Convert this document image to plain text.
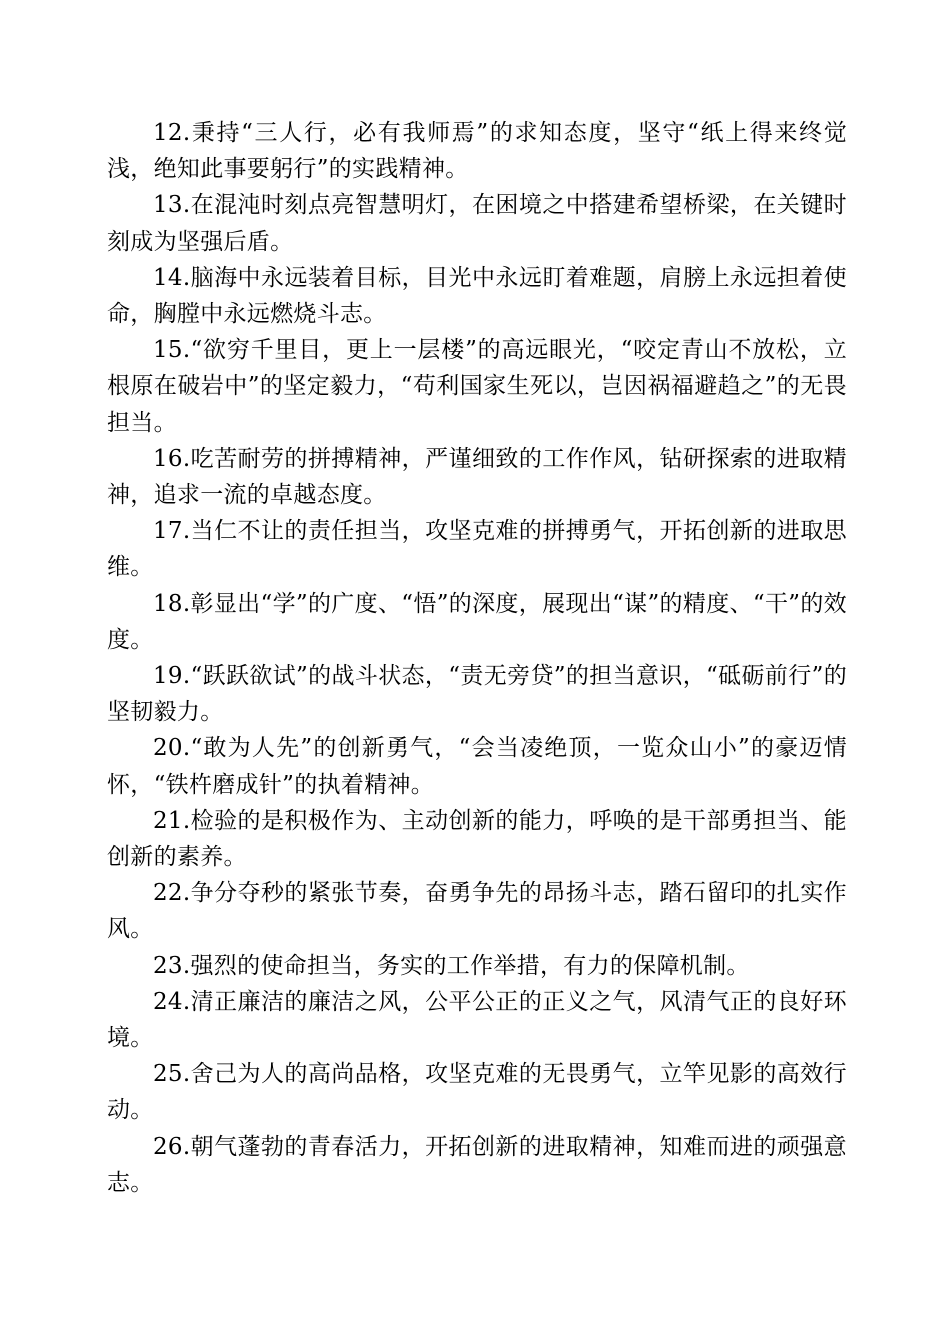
12.秉持“三人行，必有我师焉”的求知态度，坚守“纸上得来终觉浅，绝知此事要躬行”的实践精神。

13.在混沌时刻点亮智慧明灯，在困境之中搭建希望桥梁，在关键时刻成为坚强后盾。

14.脑海中永远装着目标，目光中永远盯着难题，肩膀上永远担着使命，胸膛中永远燃烧斗志。

15.“欲穷千里目，更上一层楼”的高远眼光，“咬定青山不放松，立根原在破岩中”的坚定毅力，“苟利国家生死以，岂因祸福避趋之”的无畏担当。

16.吃苦耐劳的拼搏精神，严谨细致的工作作风，钻研探索的进取精神，追求一流的卓越态度。

17.当仁不让的责任担当，攻坚克难的拼搏勇气，开拓创新的进取思维。

18.彰显出“学”的广度、“悟”的深度，展现出“谋”的精度、“干”的效度。

19.“跃跃欲试”的战斗状态，“责无旁贷”的担当意识，“砥砺前行”的坚韧毅力。

20.“敢为人先”的创新勇气，“会当凌绝顶，一览众山小”的豪迈情怀，“铁杵磨成针”的执着精神。

21.检验的是积极作为、主动创新的能力，呼唤的是干部勇担当、能创新的素养。

22.争分夺秒的紧张节奏，奋勇争先的昂扬斗志，踏石留印的扎实作风。

23.强烈的使命担当，务实的工作举措，有力的保障机制。

24.清正廉洁的廉洁之风，公平公正的正义之气，风清气正的良好环境。

25.舍己为人的高尚品格，攻坚克难的无畏勇气，立竿见影的高效行动。

26.朝气蓬勃的青春活力，开拓创新的进取精神，知难而进的顽强意志。
